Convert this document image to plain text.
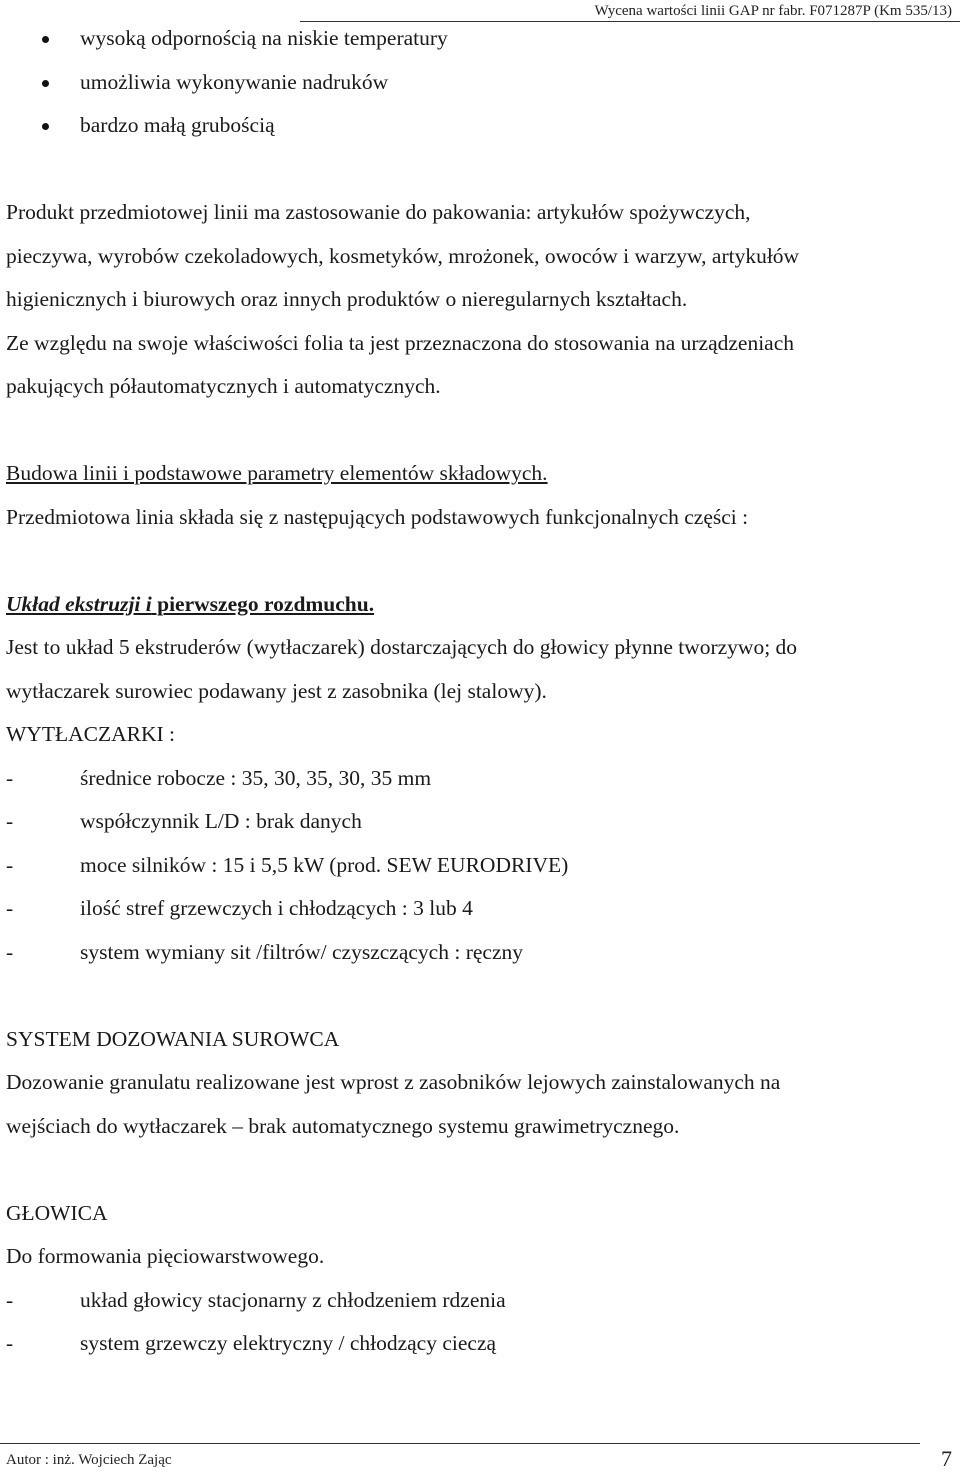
Wycena wartości linii GAP nr fabr. F071287P (Km 535/13)
wysoką odpornością na niskie temperatury
umożliwia wykonywanie nadruków
bardzo małą grubością
Produkt przedmiotowej linii ma zastosowanie do pakowania: artykułów spożywczych,
pieczywa, wyrobów czekoladowych, kosmetyków, mrożonek, owoców i warzyw, artykułów
higienicznych i biurowych oraz innych produktów o nieregularnych kształtach.
Ze względu na swoje właściwości folia ta jest przeznaczona do stosowania na urządzeniach
pakujących półautomatycznych i automatycznych.
Budowa linii i podstawowe parametry elementów składowych.
Przedmiotowa linia składa się z następujących podstawowych funkcjonalnych części :
Układ ekstruzji i pierwszego rozdmuchu.
Jest to układ 5 ekstruderów (wytłaczarek) dostarczających do głowicy płynne tworzywo; do
wytłaczarek surowiec podawany jest z zasobnika (lej stalowy).
WYTŁACZARKI :
-	średnice robocze : 35, 30, 35, 30, 35 mm
-	współczynnik L/D : brak danych
-	moce silników : 15 i 5,5 kW (prod. SEW EURODRIVE)
-	ilość stref grzewczych i chłodzących : 3 lub 4
-	system wymiany sit /filtrów/ czyszczących : ręczny
SYSTEM DOZOWANIA SUROWCA
Dozowanie granulatu realizowane jest wprost z zasobników lejowych zainstalowanych na
wejściach do wytłaczarek – brak automatycznego systemu grawimetrycznego.
GŁOWICA
Do formowania pięciowarstwowego.
-	układ głowicy stacjonarny z chłodzeniem rdzenia
-	system grzewczy elektryczny / chłodzący cieczą
Autor : inż. Wojciech Zając	7
